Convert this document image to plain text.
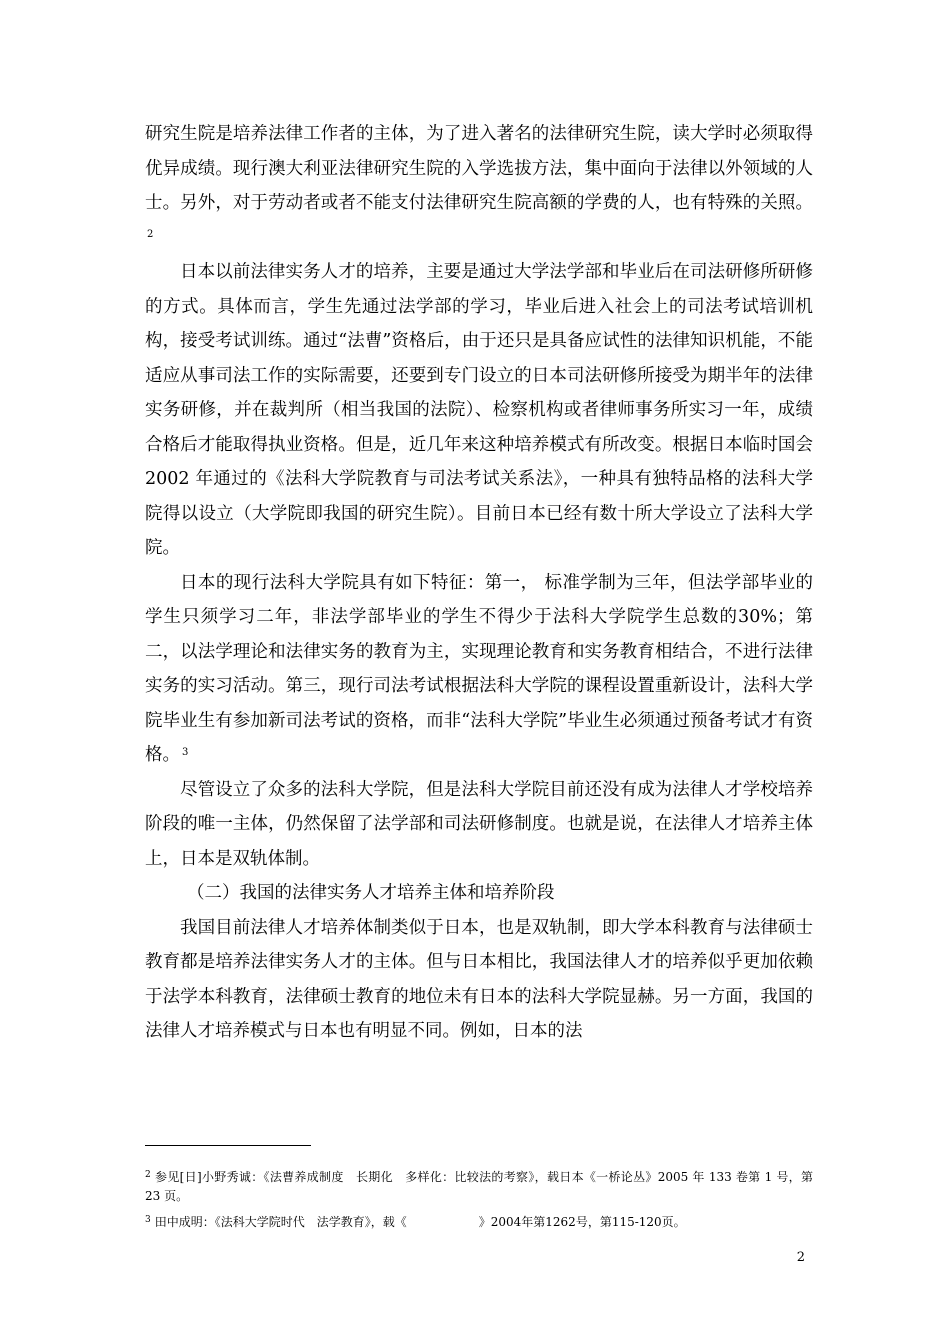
研究生院是培养法律工作者的主体，为了进入著名的法律研究生院，读大学时必须取得优异成绩。现行澳大利亚法律研究生院的入学选拔方法，集中面向于法律以外领域的人士。另外，对于劳动者或者不能支付法律研究生院高额的学费的人，也有特殊的关照。$^2$

日本以前法律实务人才的培养，主要是通过大学法学部和毕业后在司法研修所研修的方式。具体而言，学生先通过法学部的学习，毕业后进入社会上的司法考试培训机构，接受考试训练。通过“法曹”资格后，由于还只是具备应试性的法律知识机能，不能适应从事司法工作的实际需要，还要到专门设立的日本司法研修所接受为期半年的法律实务研修，并在裁判所（相当我国的法院）、检察机构或者律师事务所实习一年，成绩合格后才能取得执业资格。但是，近几年来这种培养模式有所改变。根据日本临时国会 2002 年通过的《法科大学院教育与司法考试关系法》，一种具有独特品格的法科大学院得以设立（大学院即我国的研究生院）。目前日本已经有数十所大学设立了法科大学院。

日本的现行法科大学院具有如下特征：第一， 标准学制为三年，但法学部毕业的学生只须学习二年，非法学部毕业的学生不得少于法科大学院学生总数的30%；第二，以法学理论和法律实务的教育为主，实现理论教育和实务教育相结合，不进行法律实务的实习活动。第三，现行司法考试根据法科大学院的课程设置重新设计，法科大学院毕业生有参加新司法考试的资格，而非“法科大学院”毕业生必须通过预备考试才有资格。 $^3$

尽管设立了众多的法科大学院，但是法科大学院目前还没有成为法律人才学校培养阶段的唯一主体，仍然保留了法学部和司法研修制度。也就是说，在法律人才培养主体上，日本是双轨体制。

（二）我国的法律实务人才培养主体和培养阶段

我国目前法律人才培养体制类似于日本，也是双轨制，即大学本科教育与法律硕士教育都是培养法律实务人才的主体。但与日本相比，我国法律人才的培养似乎更加依赖于法学本科教育，法律硕士教育的地位未有日本的法科大学院显赫。另一方面，我国的法律人才培养模式与日本也有明显不同。例如，日本的法

$^2$ 参见[日]小野秀诚：《法曹养成制度　长期化　多样化：比较法的考察》，载日本《一桥论丛》2005 年 133 卷第 1 号，第 23 页。

$^3$ 田中成明：《法科大学院时代　法学教育》，载《　　　　　　》2004年第1262号，第115-120页。

2
